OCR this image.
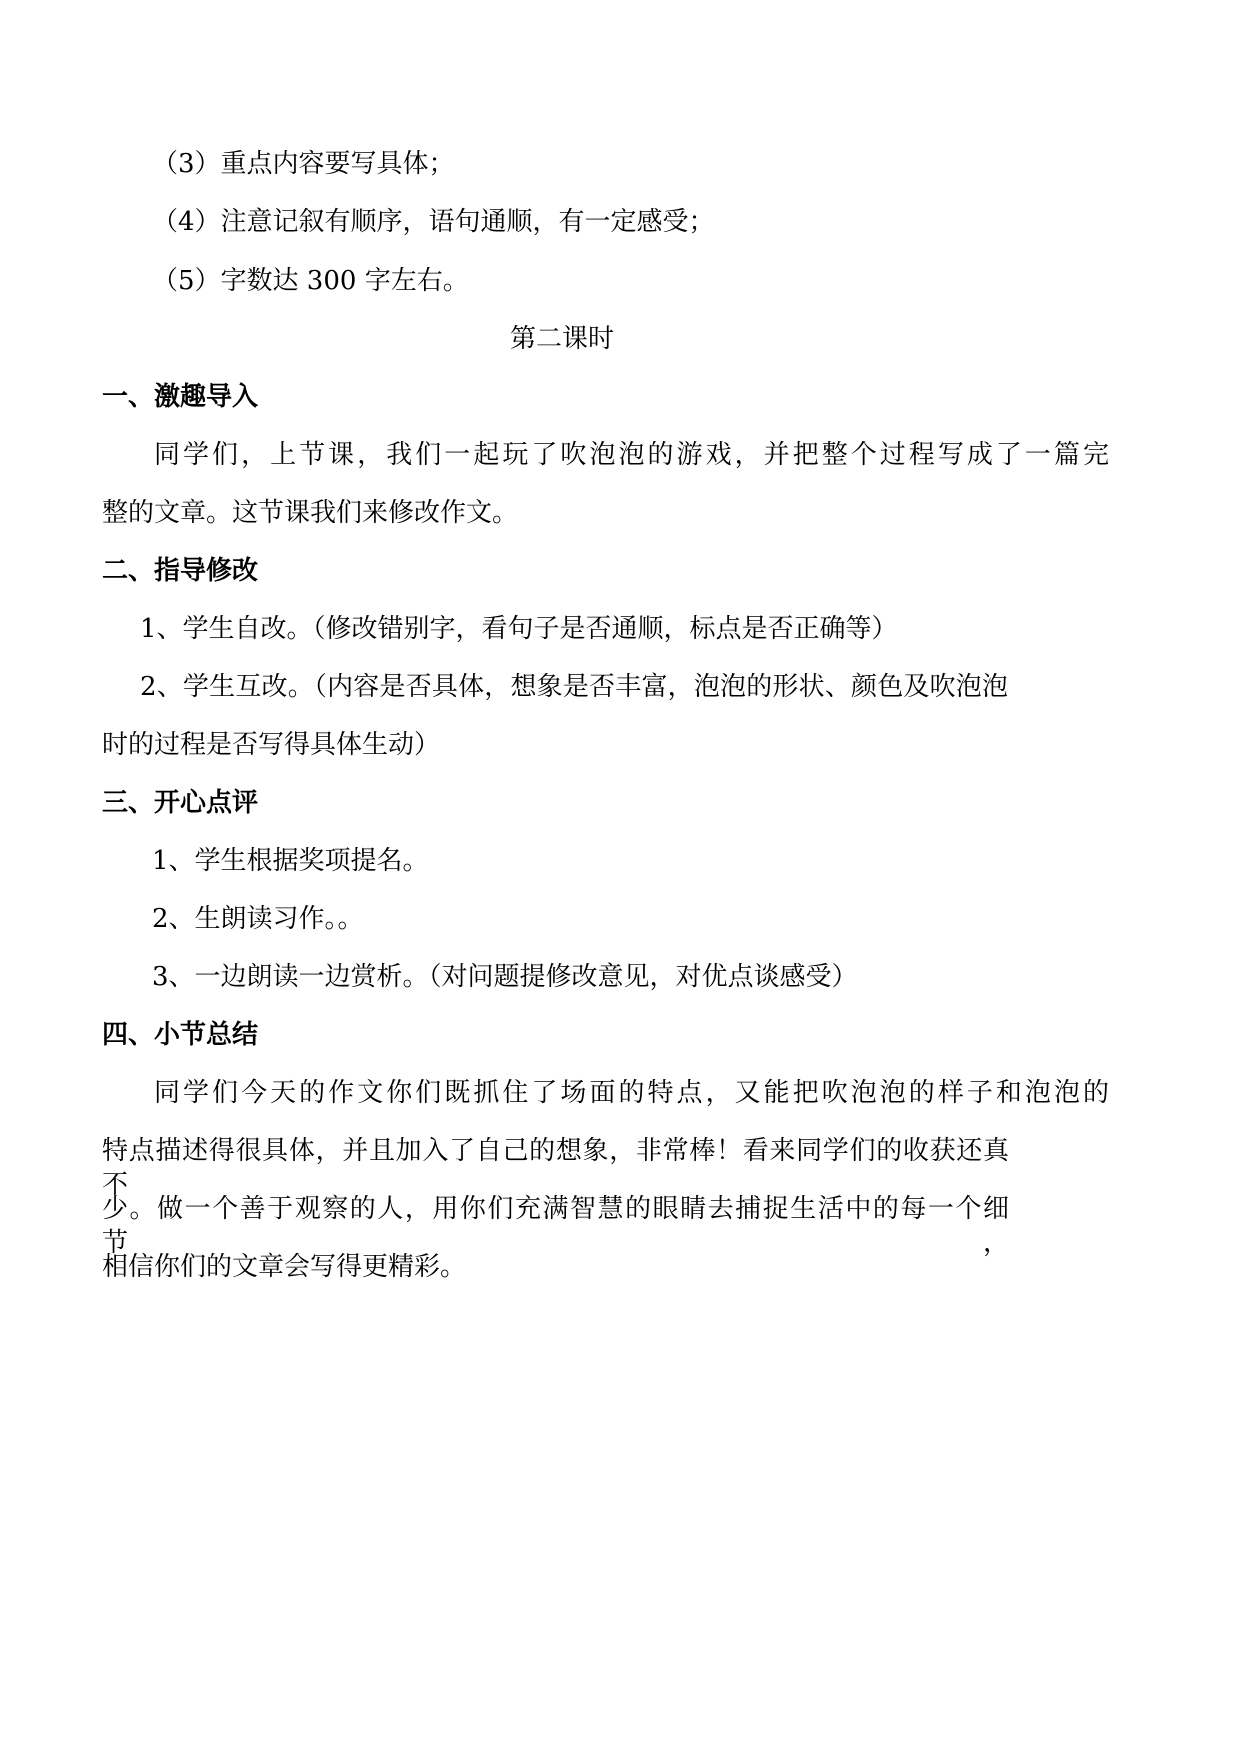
（3）重点内容要写具体；
（4）注意记叙有顺序，语句通顺，有一定感受；
（5）字数达 300 字左右。
第二课时
一、激趣导入
同学们，上节课，我们一起玩了吹泡泡的游戏，并把整个过程写成了一篇完
整的文章。这节课我们来修改作文。
二、指导修改
1、学生自改。（修改错别字，看句子是否通顺，标点是否正确等）
2、学生互改。（内容是否具体，想象是否丰富，泡泡的形状、颜色及吹泡泡
时的过程是否写得具体生动）
三、开心点评
1、学生根据奖项提名。
2、生朗读习作。。
3、一边朗读一边赏析。（对问题提修改意见，对优点谈感受）
四、小节总结
同学们今天的作文你们既抓住了场面的特点，又能把吹泡泡的样子和泡泡的
特点描述得很具体，并且加入了自己的想象，非常棒！看来同学们的收获还真不
少。做一个善于观察的人，用你们充满智慧的眼睛去捕捉生活中的每一个细节，
相信你们的文章会写得更精彩。
